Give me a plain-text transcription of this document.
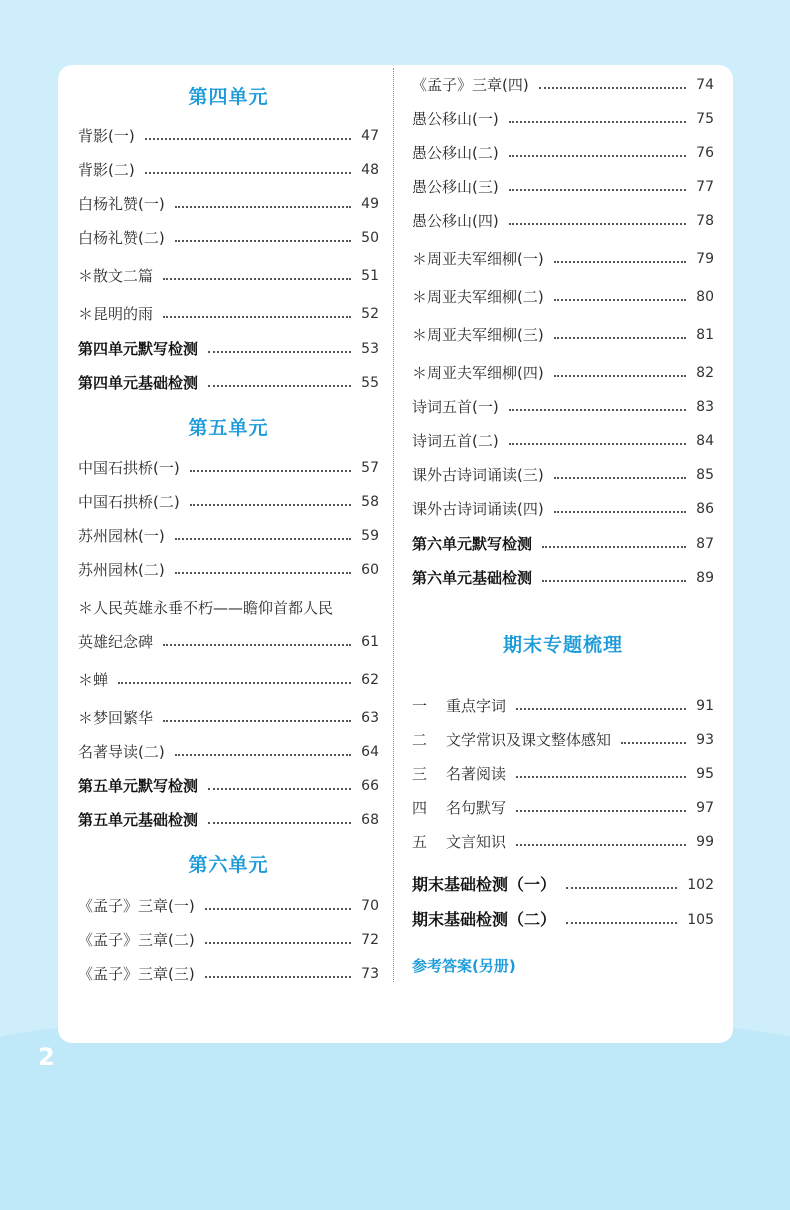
2
第四单元
背影(一)	47
背影(二)	48
白杨礼赞(一)	49
白杨礼赞(二)	50
＊散文二篇	51
＊昆明的雨	52
第四单元默写检测	53
第四单元基础检测	55
第五单元
中国石拱桥(一)	57
中国石拱桥(二)	58
苏州园林(一)	59
苏州园林(二)	60
＊人民英雄永垂不朽——瞻仰首都人民
英雄纪念碑	61
＊蝉	62
＊梦回繁华	63
名著导读(二)	64
第五单元默写检测	66
第五单元基础检测	68
第六单元
《孟子》三章(一)	70
《孟子》三章(二)	72
《孟子》三章(三)	73
《孟子》三章(四)	74
愚公移山(一)	75
愚公移山(二)	76
愚公移山(三)	77
愚公移山(四)	78
＊周亚夫军细柳(一)	79
＊周亚夫军细柳(二)	80
＊周亚夫军细柳(三)	81
＊周亚夫军细柳(四)	82
诗词五首(一)	83
诗词五首(二)	84
课外古诗词诵读(三)	85
课外古诗词诵读(四)	86
第六单元默写检测	87
第六单元基础检测	89
期末专题梳理
一 重点字词	91
二 文学常识及课文整体感知	93
三 名著阅读	95
四 名句默写	97
五 文言知识	99
期末基础检测（一）	102
期末基础检测（二）	105
参考答案(另册)
